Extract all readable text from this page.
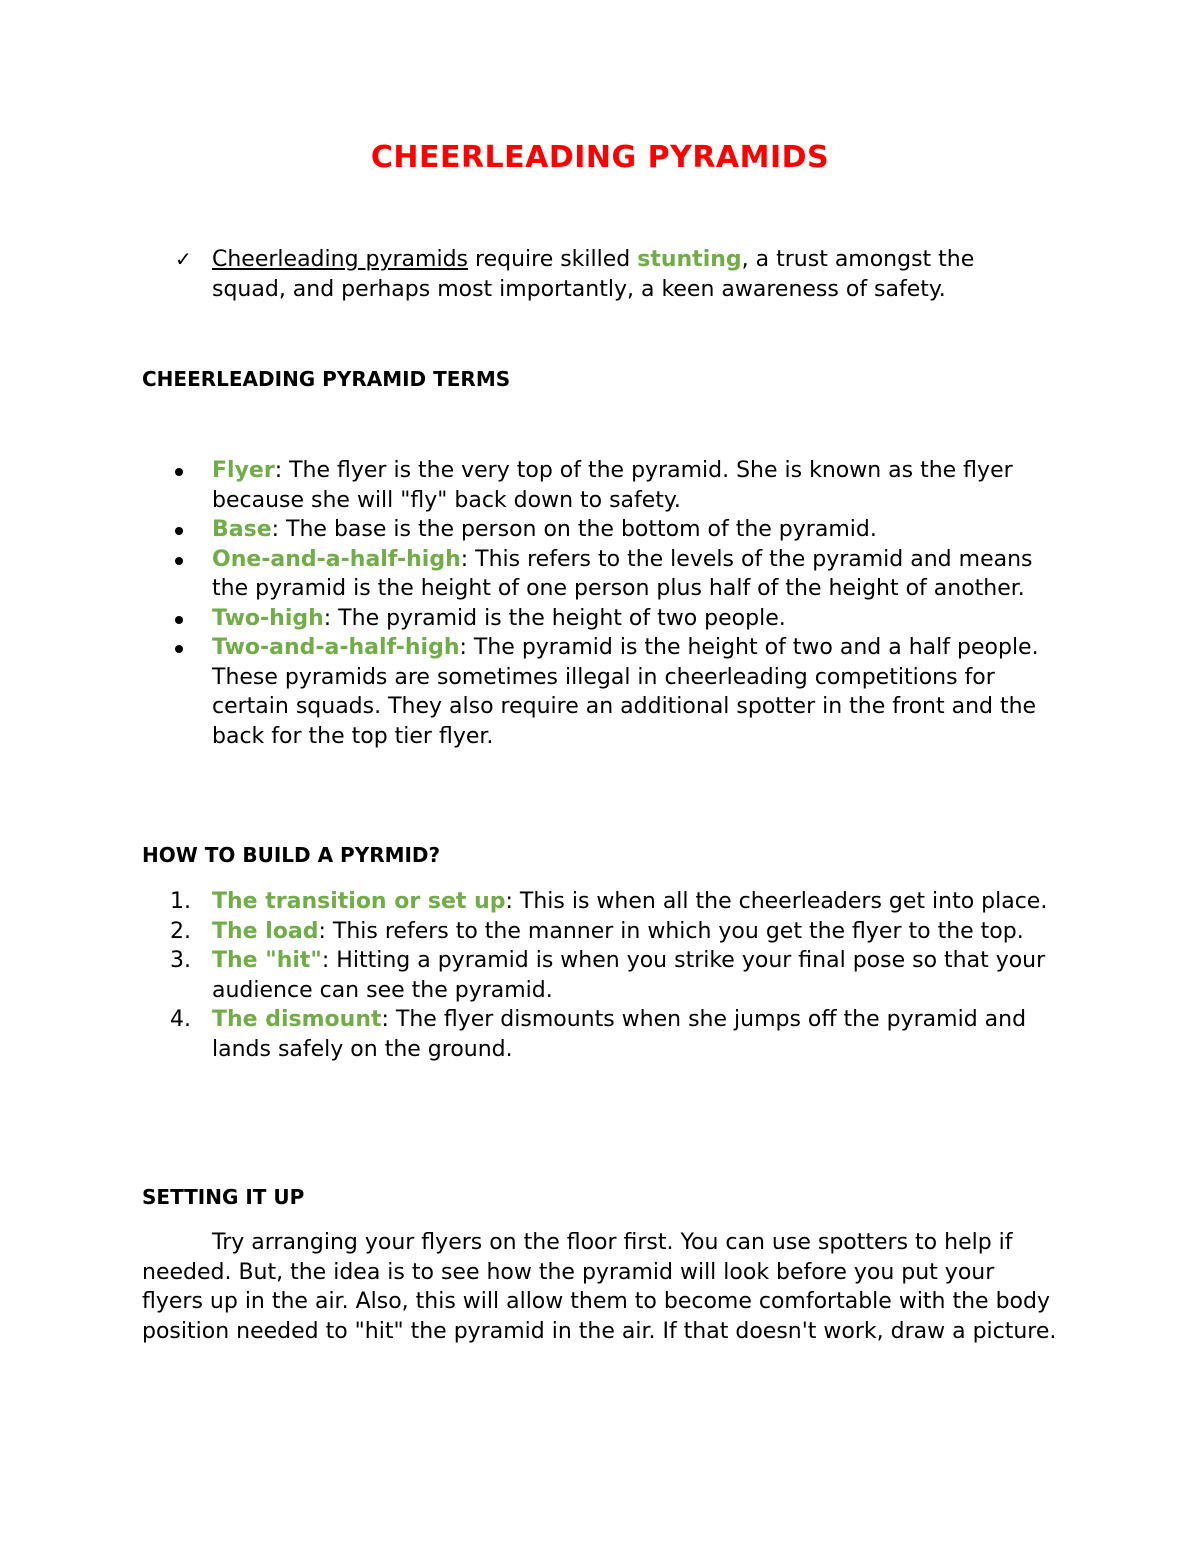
CHEERLEADING PYRAMIDS
✓ Cheerleading pyramids require skilled stunting, a trust amongst the squad, and perhaps most importantly, a keen awareness of safety.
CHEERLEADING PYRAMID TERMS
Flyer: The flyer is the very top of the pyramid. She is known as the flyer because she will "fly" back down to safety.
Base: The base is the person on the bottom of the pyramid.
One-and-a-half-high: This refers to the levels of the pyramid and means the pyramid is the height of one person plus half of the height of another.
Two-high: The pyramid is the height of two people.
Two-and-a-half-high: The pyramid is the height of two and a half people. These pyramids are sometimes illegal in cheerleading competitions for certain squads. They also require an additional spotter in the front and the back for the top tier flyer.
HOW TO BUILD A PYRMID?
1. The transition or set up: This is when all the cheerleaders get into place.
2. The load: This refers to the manner in which you get the flyer to the top.
3. The "hit": Hitting a pyramid is when you strike your final pose so that your audience can see the pyramid.
4. The dismount: The flyer dismounts when she jumps off the pyramid and lands safely on the ground.
SETTING IT UP

Try arranging your flyers on the floor first. You can use spotters to help if needed. But, the idea is to see how the pyramid will look before you put your flyers up in the air. Also, this will allow them to become comfortable with the body position needed to "hit" the pyramid in the air. If that doesn't work, draw a picture.
